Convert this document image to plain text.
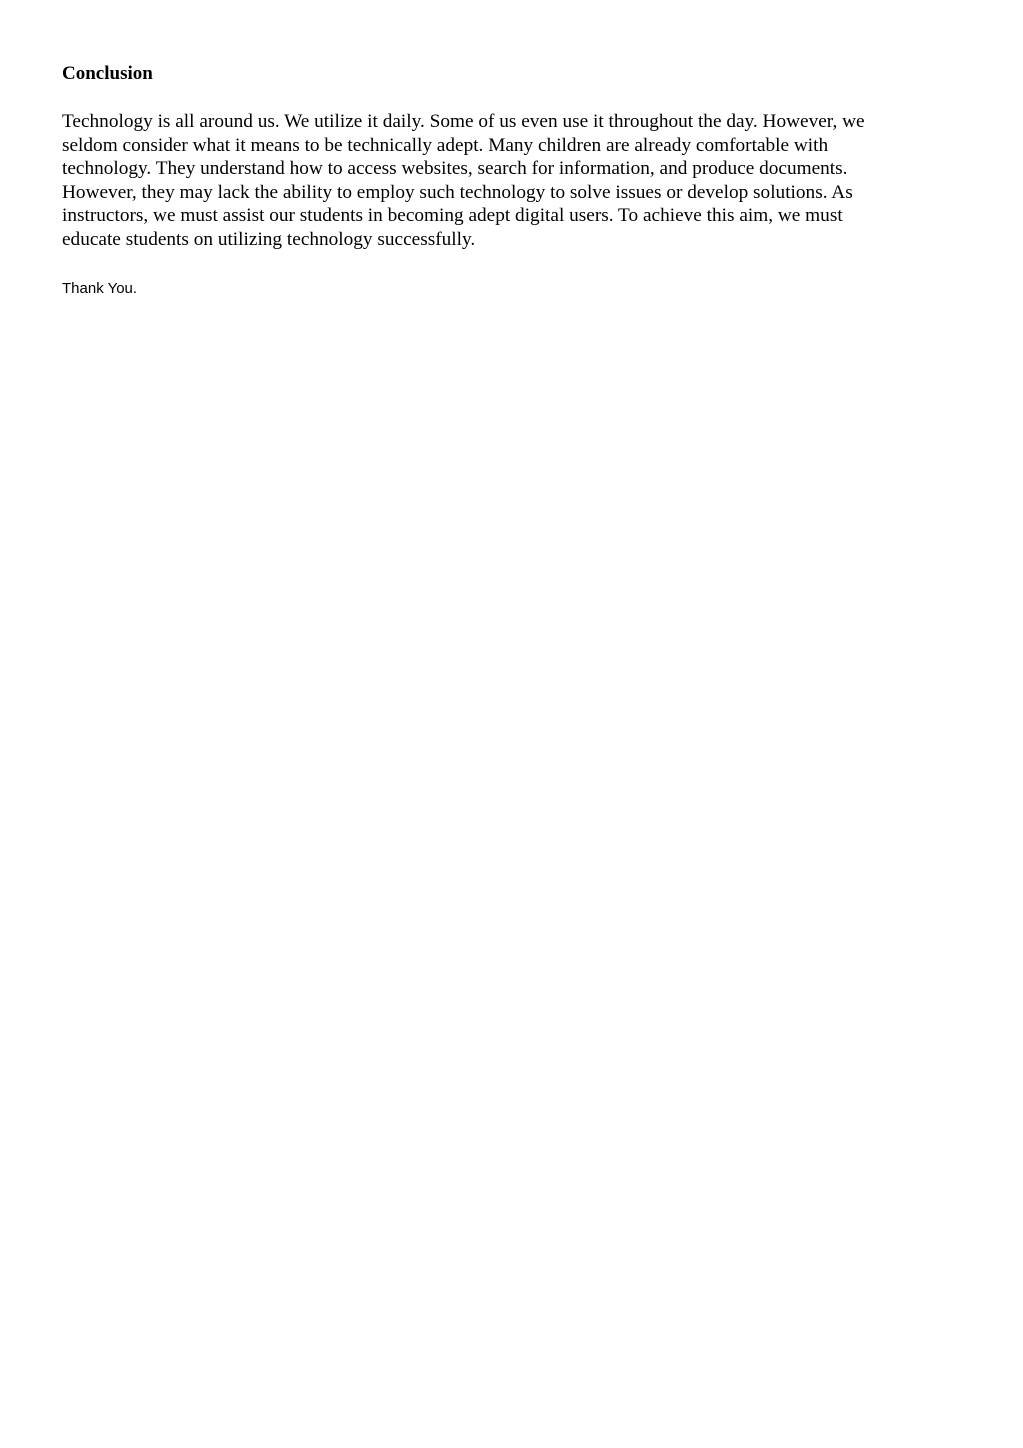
Conclusion

Technology is all around us. We utilize it daily. Some of us even use it throughout the day. However, we
seldom consider what it means to be technically adept. Many children are already comfortable with
technology. They understand how to access websites, search for information, and produce documents.
However, they may lack the ability to employ such technology to solve issues or develop solutions. As
instructors, we must assist our students in becoming adept digital users. To achieve this aim, we must
educate students on utilizing technology successfully.

Thank You.
